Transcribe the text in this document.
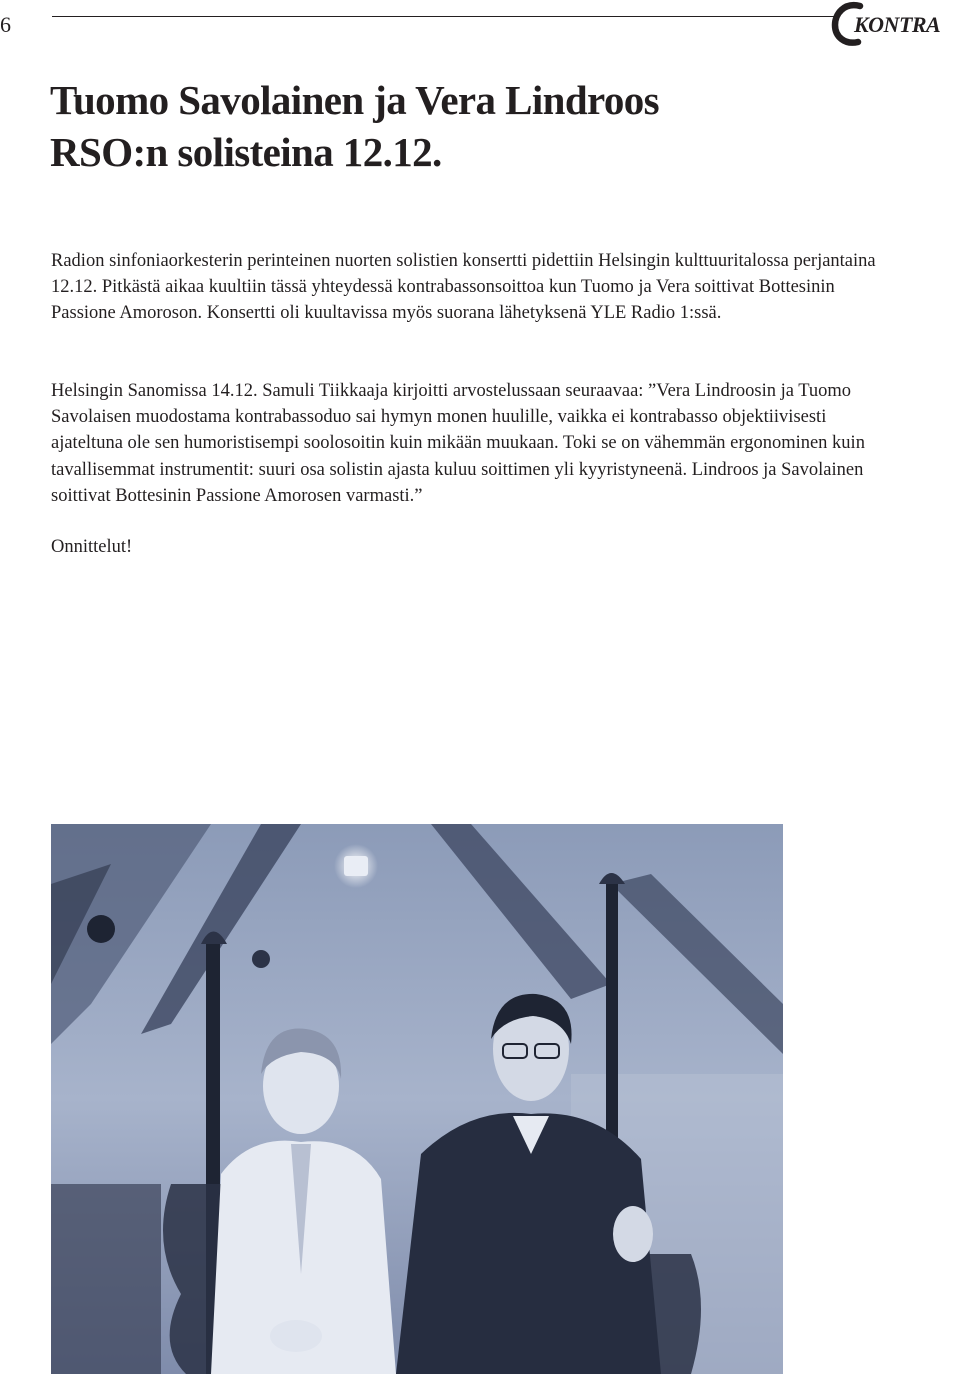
6	KONTRA
Tuomo Savolainen ja Vera Lindroos
RSO:n solisteina 12.12.

Radion sinfoniaorkesterin perinteinen nuorten solistien konsertti pidettiin Helsingin kulttuuritalossa perjantaina 12.12. Pitkästä aikaa kuultiin tässä yhteydessä kontrabassonsoittoa kun Tuomo ja Vera soittivat Bottesinin Passione Amoroson. Konsertti oli kuultavissa myös suorana lähetyksenä YLE Radio 1:ssä.

Helsingin Sanomissa 14.12. Samuli Tiikkaaja kirjoitti arvostelussaan seuraavaa: ”Vera Lindroosin ja Tuomo Savolaisen muodostama kontrabassoduo sai hymyn monen huulille, vaikka ei kontrabasso objektiivisesti ajateltuna ole sen humoristisempi soolosoitin kuin mikään muukaan. Toki se on vähemmän ergonominen kuin tavallisemmat instrumentit: suuri osa solistin ajasta kuluu soittimen yli kyyristyneenä. Lindroos ja Savolainen soittivat Bottesinin Passione Amorosen varmasti.”

Onnittelut!
